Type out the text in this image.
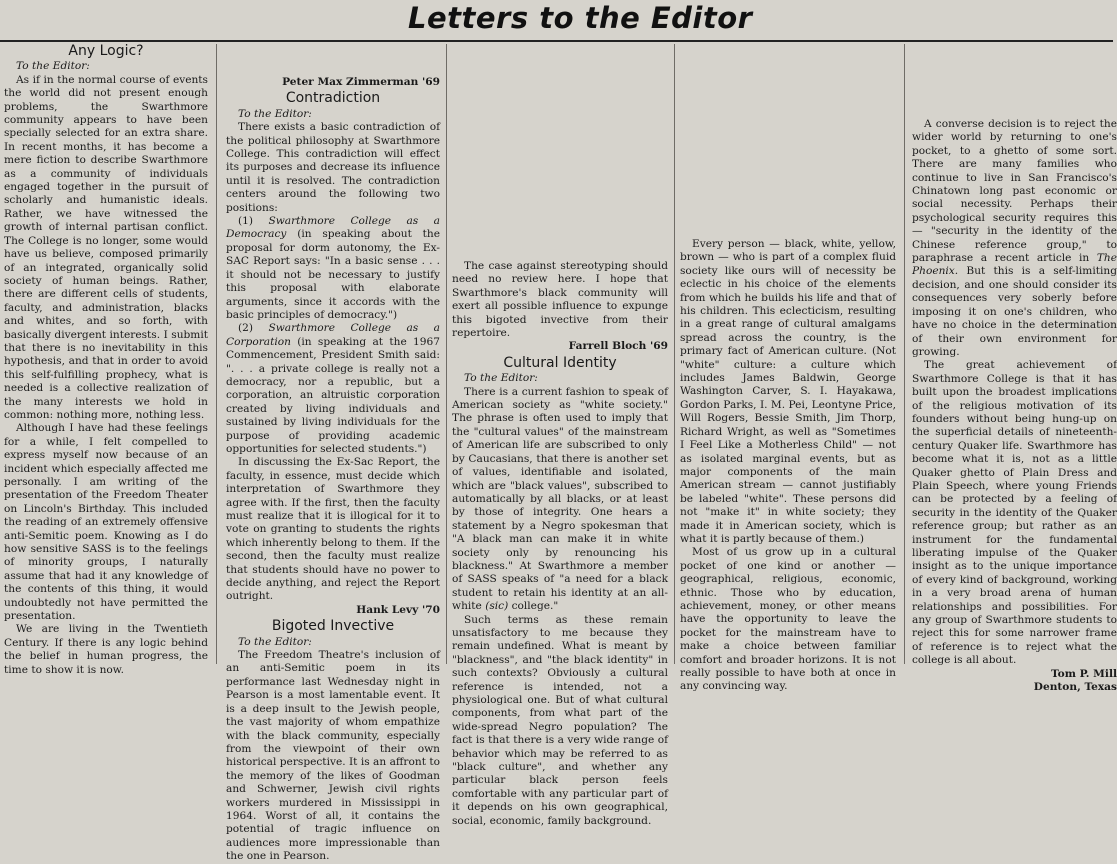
Letters to the Editor
Any Logic?

To the Editor:

As if in the normal course of events the world did not present enough problems, the Swarthmore community appears to have been specially selected for an extra share. In recent months, it has become a mere fiction to describe Swarthmore as a community of individuals engaged together in the pursuit of scholarly and humanistic ideals. Rather, we have witnessed the growth of internal partisan conflict. The College is no longer, some would have us believe, composed primarily of an integrated, organically solid society of human beings. Rather, there are different cells of students, faculty, and administration, blacks and whites, and so forth, with basically divergent interests. I submit that there is no inevitability in this hypothesis, and that in order to avoid this self-fulfilling prophecy, what is needed is a collective realization of the many interests we hold in common: nothing more, nothing less.

Although I have had these feelings for a while, I felt compelled to express myself now because of an incident which especially affected me personally. I am writing of the presentation of the Freedom Theater on Lincoln's Birthday. This included the reading of an extremely offensive anti-Semitic poem. Knowing as I do how sensitive SASS is to the feelings of minority groups, I naturally assume that had it any knowledge of the contents of this thing, it would undoubtedly not have permitted the presentation.

We are living in the Twentieth Century. If there is any logic behind the belief in human progress, the time to show it is now.

Peter Max Zimmerman '69

Contradiction

To the Editor:

There exists a basic contradiction of the political philosophy at Swarthmore College. This contradiction will effect its purposes and decrease its influence until it is resolved. The contradiction centers around the following two positions:

(1) Swarthmore College as a Democracy (in speaking about the proposal for dorm autonomy, the Ex-SAC Report says: "In a basic sense . . . it should not be necessary to justify this proposal with elaborate arguments, since it accords with the basic principles of democracy.")

(2) Swarthmore College as a Corporation (in speaking at the 1967 Commencement, President Smith said: ". . . a private college is really not a democracy, nor a republic, but a corporation, an altruistic corporation created by living individuals and sustained by living individuals for the purpose of providing academic opportunities for selected students.")

In discussing the Ex-Sac Report, the faculty, in essence, must decide which interpretation of Swarthmore they agree with. If the first, then the faculty must realize that it is illogical for it to vote on granting to students the rights which inherently belong to them. If the second, then the faculty must realize that students should have no power to decide anything, and reject the Report outright.

Hank Levy '70

Bigoted Invective

To the Editor:

The Freedom Theatre's inclusion of an anti-Semitic poem in its performance last Wednesday night in Pearson is a most lamentable event. It is a deep insult to the Jewish people, the vast majority of whom empathize with the black community, especially from the viewpoint of their own historical perspective. It is an affront to the memory of the likes of Goodman and Schwerner, Jewish civil rights workers murdered in Mississippi in 1964. Worst of all, it contains the potential of tragic influence on audiences more impressionable than the one in Pearson.

The case against stereotyping should need no review here. I hope that Swarthmore's black community will exert all possible influence to expunge this bigoted invective from their repertoire.

Farrell Bloch '69

Cultural Identity

To the Editor:

There is a current fashion to speak of American society as "white society." The phrase is often used to imply that the "cultural values" of the mainstream of American life are subscribed to only by Caucasians, that there is another set of values, identifiable and isolated, which are "black values", subscribed to automatically by all blacks, or at least by those of integrity. One hears a statement by a Negro spokesman that "A black man can make it in white society only by renouncing his blackness." At Swarthmore a member of SASS speaks of "a need for a black student to retain his identity at an all-white (sic) college."

Such terms as these remain unsatisfactory to me because they remain undefined. What is meant by "blackness", and "the black identity" in such contexts? Obviously a cultural reference is intended, not a physiological one. But of what cultural components, from what part of the wide-spread Negro population? The fact is that there is a very wide range of behavior which may be referred to as "black culture", and whether any particular black person feels comfortable with any particular part of it depends on his own geographical, social, economic, family background.

Every person — black, white, yellow, brown — who is part of a complex fluid society like ours will of necessity be eclectic in his choice of the elements from which he builds his life and that of his children. This eclecticism, resulting in a great range of cultural amalgams spread across the country, is the primary fact of American culture. (Not "white" culture: a culture which includes James Baldwin, George Washington Carver, S. I. Hayakawa, Gordon Parks, I. M. Pei, Leontyne Price, Will Rogers, Bessie Smith, Jim Thorp, Richard Wright, as well as "Sometimes I Feel Like a Motherless Child" — not as isolated marginal events, but as major components of the main American stream — cannot justifiably be labeled "white". These persons did not "make it" in white society; they made it in American society, which is what it is partly because of them.)

Most of us grow up in a cultural pocket of one kind or another — geographical, religious, economic, ethnic. Those who by education, achievement, money, or other means have the opportunity to leave the pocket for the mainstream have to make a choice between familiar comfort and broader horizons. It is not really possible to have both at once in any convincing way.

A converse decision is to reject the wider world by returning to one's pocket, to a ghetto of some sort. There are many families who continue to live in San Francisco's Chinatown long past economic or social necessity. Perhaps their psychological security requires this — "security in the identity of the Chinese reference group," to paraphrase a recent article in The Phoenix. But this is a self-limiting decision, and one should consider its consequences very soberly before imposing it on one's children, who have no choice in the determination of their own environment for growing.

The great achievement of Swarthmore College is that it has built upon the broadest implications of the religious motivation of its founders without being hung-up on the superficial details of nineteenth-century Quaker life. Swarthmore has become what it is, not as a little Quaker ghetto of Plain Dress and Plain Speech, where young Friends can be protected by a feeling of security in the identity of the Quaker reference group; but rather as an instrument for the fundamental liberating impulse of the Quaker insight as to the unique importance of every kind of background, working in a very broad arena of human relationships and possibilities. For any group of Swarthmore students to reject this for some narrower frame of reference is to reject what the college is all about.

Tom P. Mill

Denton, Texas
